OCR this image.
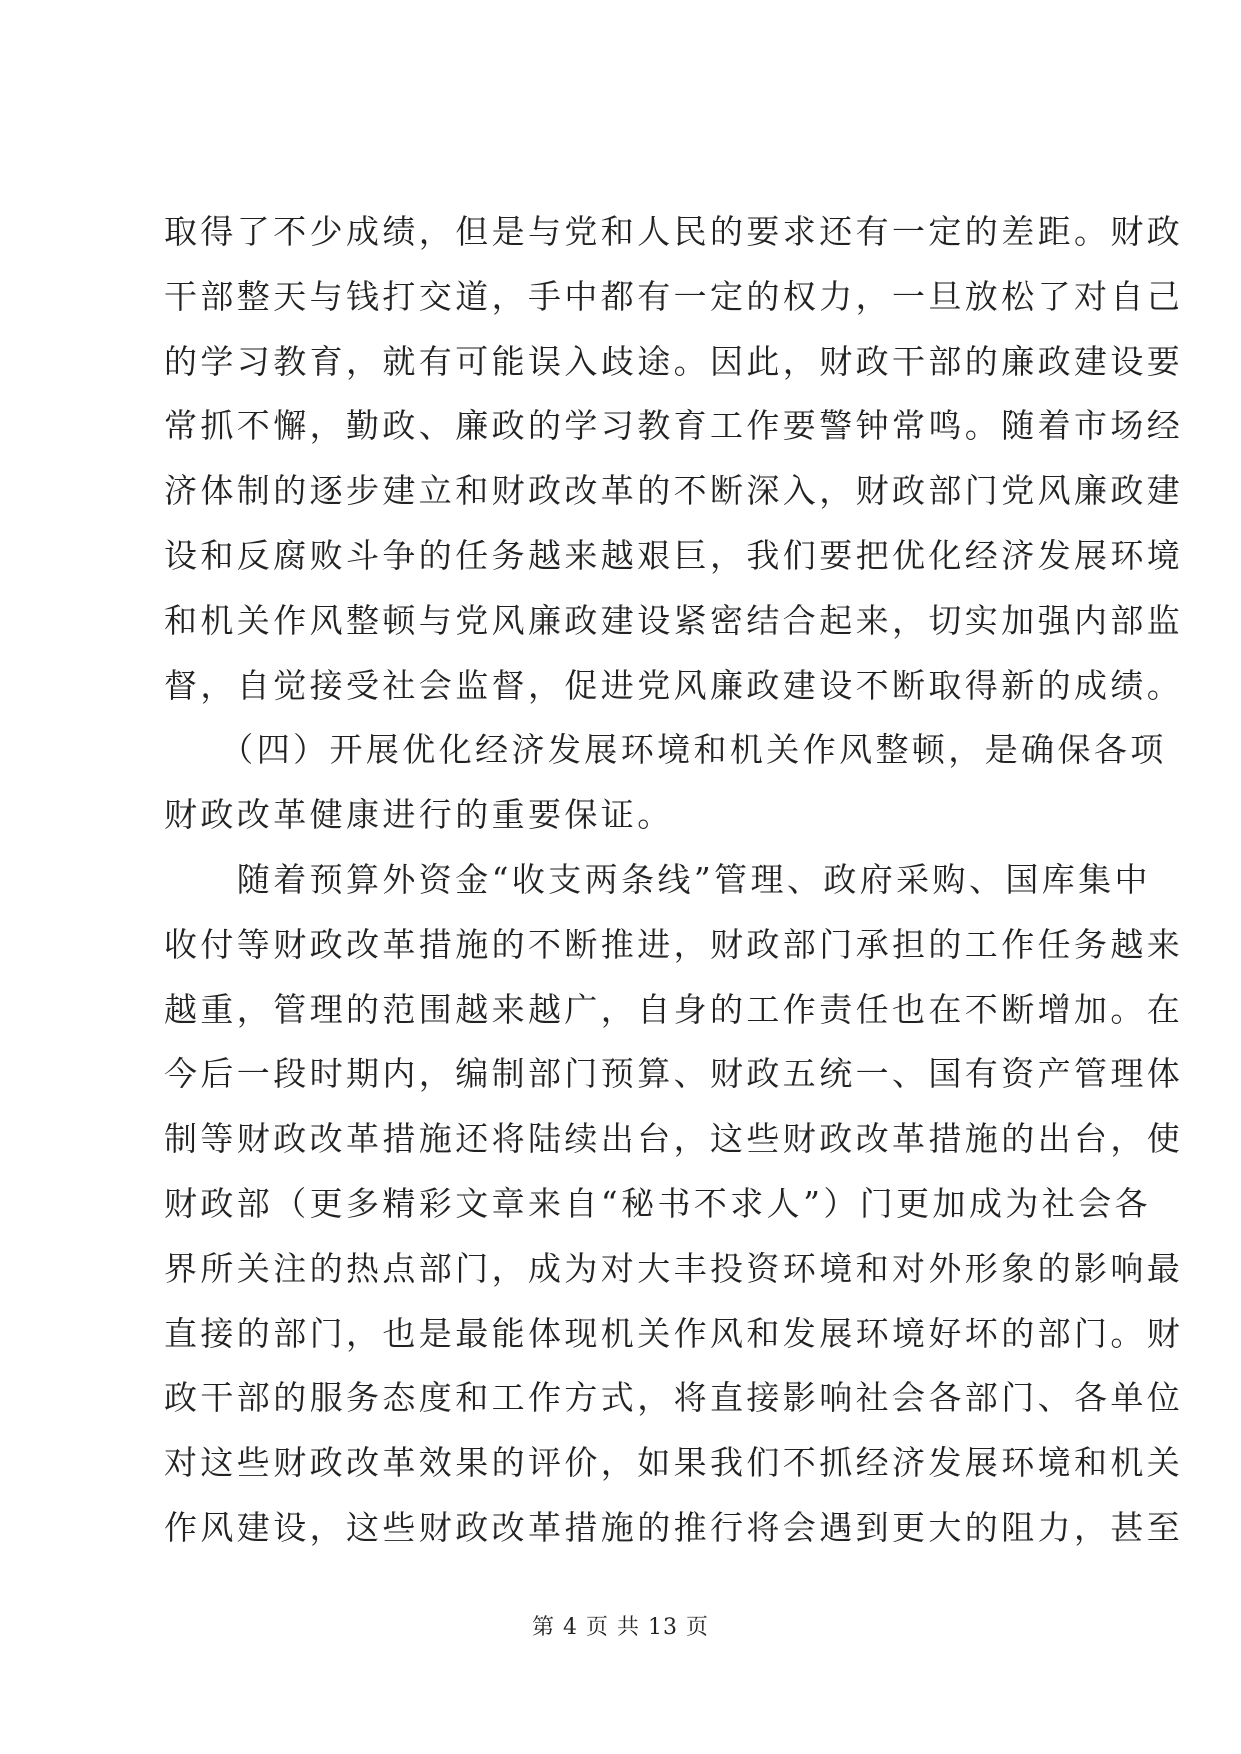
取得了不少成绩，但是与党和人民的要求还有一定的差距。财政
干部整天与钱打交道，手中都有一定的权力，一旦放松了对自己
的学习教育，就有可能误入歧途。因此，财政干部的廉政建设要
常抓不懈，勤政、廉政的学习教育工作要警钟常鸣。随着市场经
济体制的逐步建立和财政改革的不断深入，财政部门党风廉政建
设和反腐败斗争的任务越来越艰巨，我们要把优化经济发展环境
和机关作风整顿与党风廉政建设紧密结合起来，切实加强内部监
督，自觉接受社会监督，促进党风廉政建设不断取得新的成绩。
　　（四）开展优化经济发展环境和机关作风整顿，是确保各项
财政改革健康进行的重要保证。
　　随着预算外资金“收支两条线”管理、政府采购、国库集中
收付等财政改革措施的不断推进，财政部门承担的工作任务越来
越重，管理的范围越来越广，自身的工作责任也在不断增加。在
今后一段时期内，编制部门预算、财政五统一、国有资产管理体
制等财政改革措施还将陆续出台，这些财政改革措施的出台，使
财政部（更多精彩文章来自“秘书不求人”）门更加成为社会各
界所关注的热点部门，成为对大丰投资环境和对外形象的影响最
直接的部门，也是最能体现机关作风和发展环境好坏的部门。财
政干部的服务态度和工作方式，将直接影响社会各部门、各单位
对这些财政改革效果的评价，如果我们不抓经济发展环境和机关
作风建设，这些财政改革措施的推行将会遇到更大的阻力，甚至
第 4 页 共 13 页
